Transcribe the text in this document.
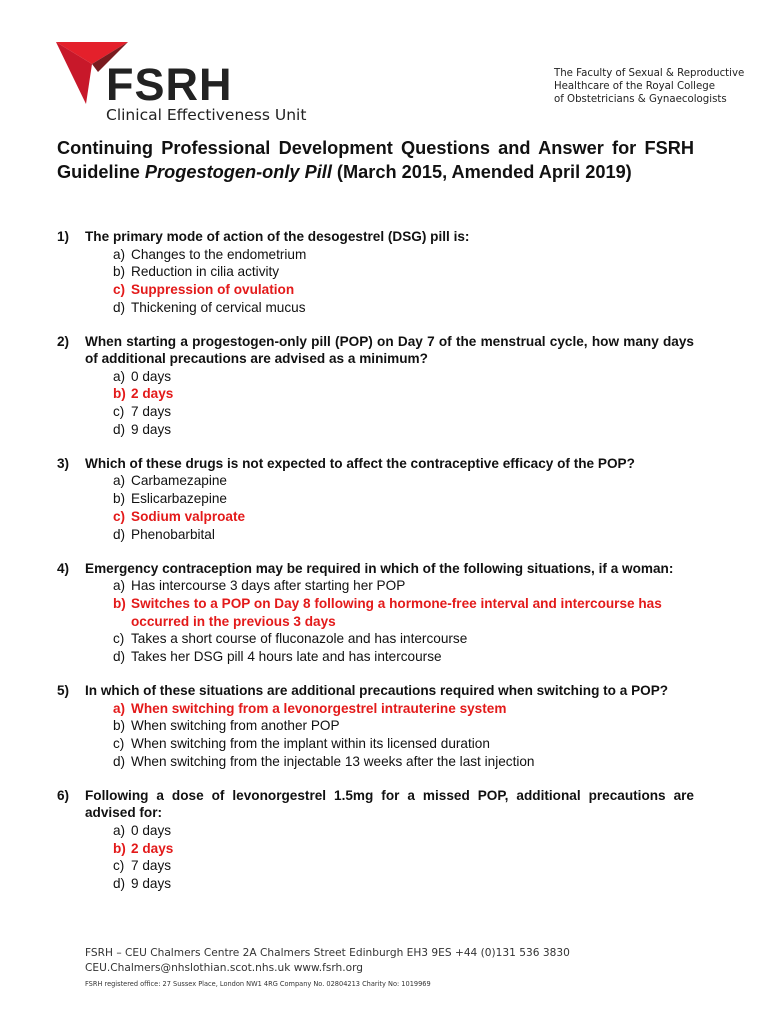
FSRH
Clinical Effectiveness Unit
The Faculty of Sexual & Reproductive
Healthcare of the Royal College
of Obstetricians & Gynaecologists
Continuing Professional Development Questions and Answer for FSRH Guideline Progestogen-only Pill (March 2015, Amended April 2019)
1)	The primary mode of action of the desogestrel (DSG) pill is:
a) Changes to the endometrium
b) Reduction in cilia activity
c) Suppression of ovulation
d) Thickening of cervical mucus
2)	When starting a progestogen-only pill (POP) on Day 7 of the menstrual cycle, how many days of additional precautions are advised as a minimum?
a) 0 days
b) 2 days
c) 7 days
d) 9 days
3)	Which of these drugs is not expected to affect the contraceptive efficacy of the POP?
a) Carbamezapine
b) Eslicarbazepine
c) Sodium valproate
d) Phenobarbital
4)	Emergency contraception may be required in which of the following situations, if a woman:
a) Has intercourse 3 days after starting her POP
b) Switches to a POP on Day 8 following a hormone-free interval and intercourse has occurred in the previous 3 days
c) Takes a short course of fluconazole and has intercourse
d) Takes her DSG pill 4 hours late and has intercourse
5)	In which of these situations are additional precautions required when switching to a POP?
a) When switching from a levonorgestrel intrauterine system
b) When switching from another POP
c) When switching from the implant within its licensed duration
d) When switching from the injectable 13 weeks after the last injection
6)	Following a dose of levonorgestrel 1.5mg for a missed POP, additional precautions are advised for:
a) 0 days
b) 2 days
c) 7 days
d) 9 days
FSRH – CEU Chalmers Centre 2A Chalmers Street Edinburgh EH3 9ES +44 (0)131 536 3830
CEU.Chalmers@nhslothian.scot.nhs.uk www.fsrh.org
FSRH registered office: 27 Sussex Place, London NW1 4RG Company No. 02804213 Charity No: 1019969
